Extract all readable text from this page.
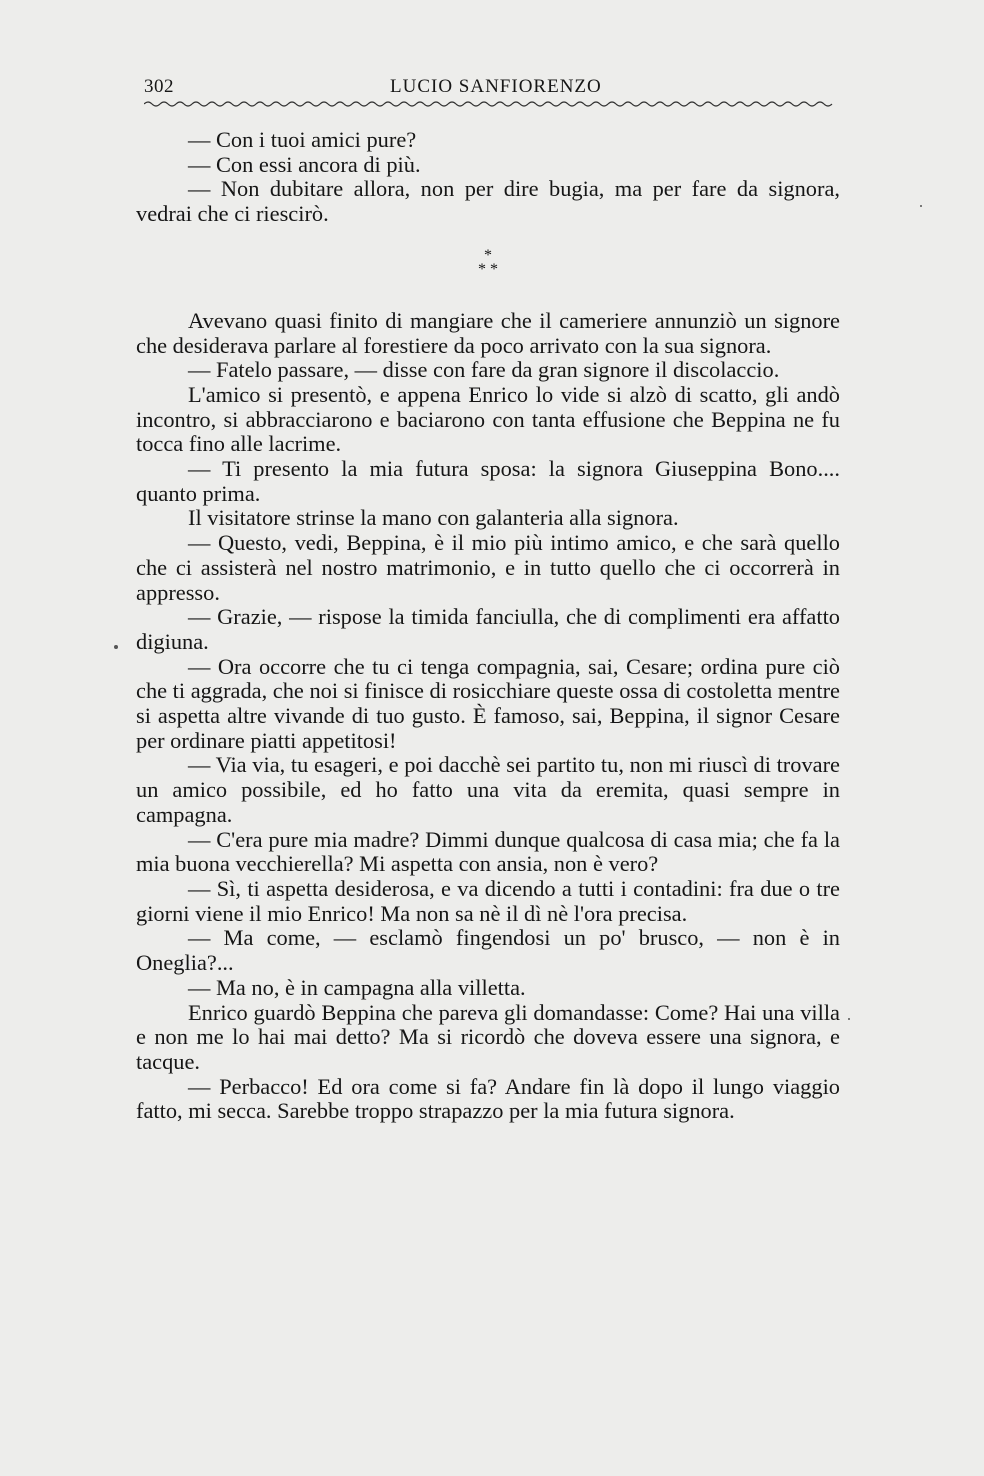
302	LUCIO SANFIORENZO

— Con i tuoi amici pure?

— Con essi ancora di più.

— Non dubitare allora, non per dire bugia, ma per fare da signora, vedrai che ci riescirò.

*
* *

Avevano quasi finito di mangiare che il cameriere annunziò un signore che desiderava parlare al forestiere da poco arrivato con la sua signora.

— Fatelo passare, — disse con fare da gran signore il discolaccio.

L'amico si presentò, e appena Enrico lo vide si alzò di scatto, gli andò incontro, si abbracciarono e baciarono con tanta effusione che Beppina ne fu tocca fino alle lacrime.

— Ti presento la mia futura sposa: la signora Giuseppina Bono.... quanto prima.

Il visitatore strinse la mano con galanteria alla signora.

— Questo, vedi, Beppina, è il mio più intimo amico, e che sarà quello che ci assisterà nel nostro matrimonio, e in tutto quello che ci occorrerà in appresso.

— Grazie, — rispose la timida fanciulla, che di complimenti era affatto digiuna.

— Ora occorre che tu ci tenga compagnia, sai, Cesare; ordina pure ciò che ti aggrada, che noi si finisce di rosicchiare queste ossa di costoletta mentre si aspetta altre vivande di tuo gusto. È famoso, sai, Beppina, il signor Cesare per ordinare piatti appetitosi!

— Via via, tu esageri, e poi dacchè sei partito tu, non mi riuscì di trovare un amico possibile, ed ho fatto una vita da eremita, quasi sempre in campagna.

— C'era pure mia madre? Dimmi dunque qualcosa di casa mia; che fa la mia buona vecchierella? Mi aspetta con ansia, non è vero?

— Sì, ti aspetta desiderosa, e va dicendo a tutti i contadini: fra due o tre giorni viene il mio Enrico! Ma non sa nè il dì nè l'ora precisa.

— Ma come, — esclamò fingendosi un po' brusco, — non è in Oneglia?...

— Ma no, è in campagna alla villetta.

Enrico guardò Beppina che pareva gli domandasse: Come? Hai una villa e non me lo hai mai detto? Ma si ricordò che doveva essere una signora, e tacque.

— Perbacco! Ed ora come si fa? Andare fin là dopo il lungo viaggio fatto, mi secca. Sarebbe troppo strapazzo per la mia futura signora.
